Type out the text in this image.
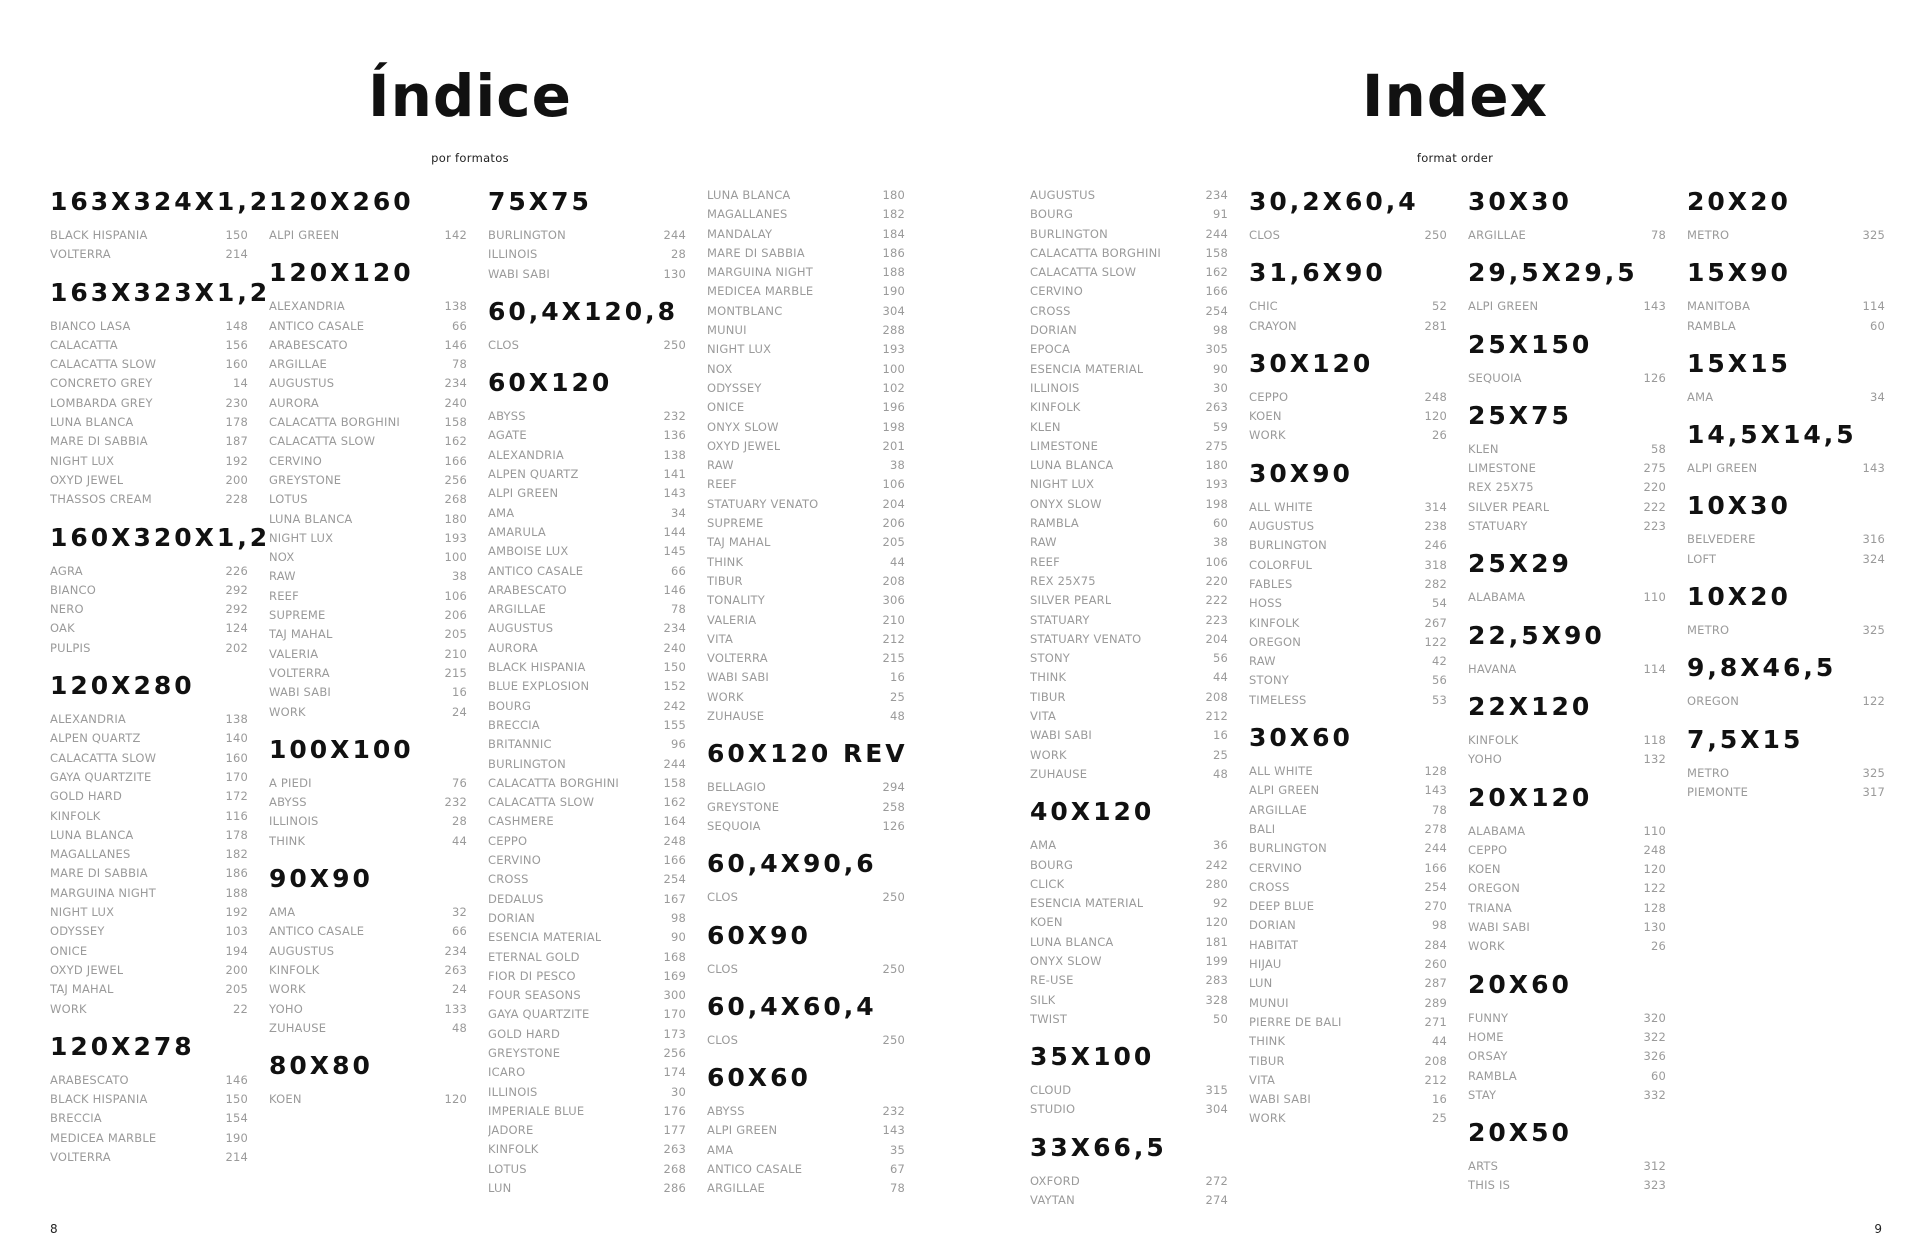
Índice
por formatos
163X324X1,2
BLACK HISPANIA	150
VOLTERRA	214
163X323X1,2
BIANCO LASA	148
CALACATTA	156
CALACATTA SLOW	160
CONCRETO GREY	14
LOMBARDA GREY	230
LUNA BLANCA	178
MARE DI SABBIA	187
NIGHT LUX	192
OXYD JEWEL	200
THASSOS CREAM	228
160X320X1,2
AGRA	226
BIANCO	292
NERO	292
OAK	124
PULPIS	202
120X280
ALEXANDRIA	138
ALPEN QUARTZ	140
CALACATTA SLOW	160
GAYA QUARTZITE	170
GOLD HARD	172
KINFOLK	116
LUNA BLANCA	178
MAGALLANES	182
MARE DI SABBIA	186
MARGUINA NIGHT	188
NIGHT LUX	192
ODYSSEY	103
ONICE	194
OXYD JEWEL	200
TAJ MAHAL	205
WORK	22
120X278
ARABESCATO	146
BLACK HISPANIA	150
BRECCIA	154
MEDICEA MARBLE	190
VOLTERRA	214
120X260
ALPI GREEN	142
120X120
ALEXANDRIA	138
ANTICO CASALE	66
ARABESCATO	146
ARGILLAE	78
AUGUSTUS	234
AURORA	240
CALACATTA BORGHINI	158
CALACATTA SLOW	162
CERVINO	166
GREYSTONE	256
LOTUS	268
LUNA BLANCA	180
NIGHT LUX	193
NOX	100
RAW	38
REEF	106
SUPREME	206
TAJ MAHAL	205
VALERIA	210
VOLTERRA	215
WABI SABI	16
WORK	24
100X100
A PIEDI	76
ABYSS	232
ILLINOIS	28
THINK	44
90X90
AMA	32
ANTICO CASALE	66
AUGUSTUS	234
KINFOLK	263
WORK	24
YOHO	133
ZUHAUSE	48
80X80
KOEN	120
75X75
BURLINGTON	244
ILLINOIS	28
WABI SABI	130
60,4X120,8
CLOS	250
60X120
ABYSS	232
AGATE	136
ALEXANDRIA	138
ALPEN QUARTZ	141
ALPI GREEN	143
AMA	34
AMARULA	144
AMBOISE LUX	145
ANTICO CASALE	66
ARABESCATO	146
ARGILLAE	78
AUGUSTUS	234
AURORA	240
BLACK HISPANIA	150
BLUE EXPLOSION	152
BOURG	242
BRECCIA	155
BRITANNIC	96
BURLINGTON	244
CALACATTA BORGHINI	158
CALACATTA SLOW	162
CASHMERE	164
CEPPO	248
CERVINO	166
CROSS	254
DEDALUS	167
DORIAN	98
ESENCIA MATERIAL	90
ETERNAL GOLD	168
FIOR DI PESCO	169
FOUR SEASONS	300
GAYA QUARTZITE	170
GOLD HARD	173
GREYSTONE	256
ICARO	174
ILLINOIS	30
IMPERIALE BLUE	176
JADORE	177
KINFOLK	263
LOTUS	268
LUN	286
LUNA BLANCA	180
MAGALLANES	182
MANDALAY	184
MARE DI SABBIA	186
MARGUINA NIGHT	188
MEDICEA MARBLE	190
MONTBLANC	304
MUNUI	288
NIGHT LUX	193
NOX	100
ODYSSEY	102
ONICE	196
ONYX SLOW	198
OXYD JEWEL	201
RAW	38
REEF	106
STATUARY VENATO	204
SUPREME	206
TAJ MAHAL	205
THINK	44
TIBUR	208
TONALITY	306
VALERIA	210
VITA	212
VOLTERRA	215
WABI SABI	16
WORK	25
ZUHAUSE	48
60X120 REV
BELLAGIO	294
GREYSTONE	258
SEQUOIA	126
60,4X90,6
CLOS	250
60X90
CLOS	250
60,4X60,4
CLOS	250
60X60
ABYSS	232
ALPI GREEN	143
AMA	35
ANTICO CASALE	67
ARGILLAE	78
8
Index
format order
AUGUSTUS	234
BOURG	91
BURLINGTON	244
CALACATTA BORGHINI	158
CALACATTA SLOW	162
CERVINO	166
CROSS	254
DORIAN	98
EPOCA	305
ESENCIA MATERIAL	90
ILLINOIS	30
KINFOLK	263
KLEN	59
LIMESTONE	275
LUNA BLANCA	180
NIGHT LUX	193
ONYX SLOW	198
RAMBLA	60
RAW	38
REEF	106
REX 25X75	220
SILVER PEARL	222
STATUARY	223
STATUARY VENATO	204
STONY	56
THINK	44
TIBUR	208
VITA	212
WABI SABI	16
WORK	25
ZUHAUSE	48
40X120
AMA	36
BOURG	242
CLICK	280
ESENCIA MATERIAL	92
KOEN	120
LUNA BLANCA	181
ONYX SLOW	199
RE-USE	283
SILK	328
TWIST	50
35X100
CLOUD	315
STUDIO	304
33X66,5
OXFORD	272
VAYTAN	274
30,2X60,4
CLOS	250
31,6X90
CHIC	52
CRAYON	281
30X120
CEPPO	248
KOEN	120
WORK	26
30X90
ALL WHITE	314
AUGUSTUS	238
BURLINGTON	246
COLORFUL	318
FABLES	282
HOSS	54
KINFOLK	267
OREGON	122
RAW	42
STONY	56
TIMELESS	53
30X60
ALL WHITE	128
ALPI GREEN	143
ARGILLAE	78
BALI	278
BURLINGTON	244
CERVINO	166
CROSS	254
DEEP BLUE	270
DORIAN	98
HABITAT	284
HIJAU	260
LUN	287
MUNUI	289
PIERRE DE BALI	271
THINK	44
TIBUR	208
VITA	212
WABI SABI	16
WORK	25
30X30
ARGILLAE	78
29,5X29,5
ALPI GREEN	143
25X150
SEQUOIA	126
25X75
KLEN	58
LIMESTONE	275
REX 25X75	220
SILVER PEARL	222
STATUARY	223
25X29
ALABAMA	110
22,5X90
HAVANA	114
22X120
KINFOLK	118
YOHO	132
20X120
ALABAMA	110
CEPPO	248
KOEN	120
OREGON	122
TRIANA	128
WABI SABI	130
WORK	26
20X60
FUNNY	320
HOME	322
ORSAY	326
RAMBLA	60
STAY	332
20X50
ARTS	312
THIS IS	323
20X20
METRO	325
15X90
MANITOBA	114
RAMBLA	60
15X15
AMA	34
14,5X14,5
ALPI GREEN	143
10X30
BELVEDERE	316
LOFT	324
10X20
METRO	325
9,8X46,5
OREGON	122
7,5X15
METRO	325
PIEMONTE	317
9
